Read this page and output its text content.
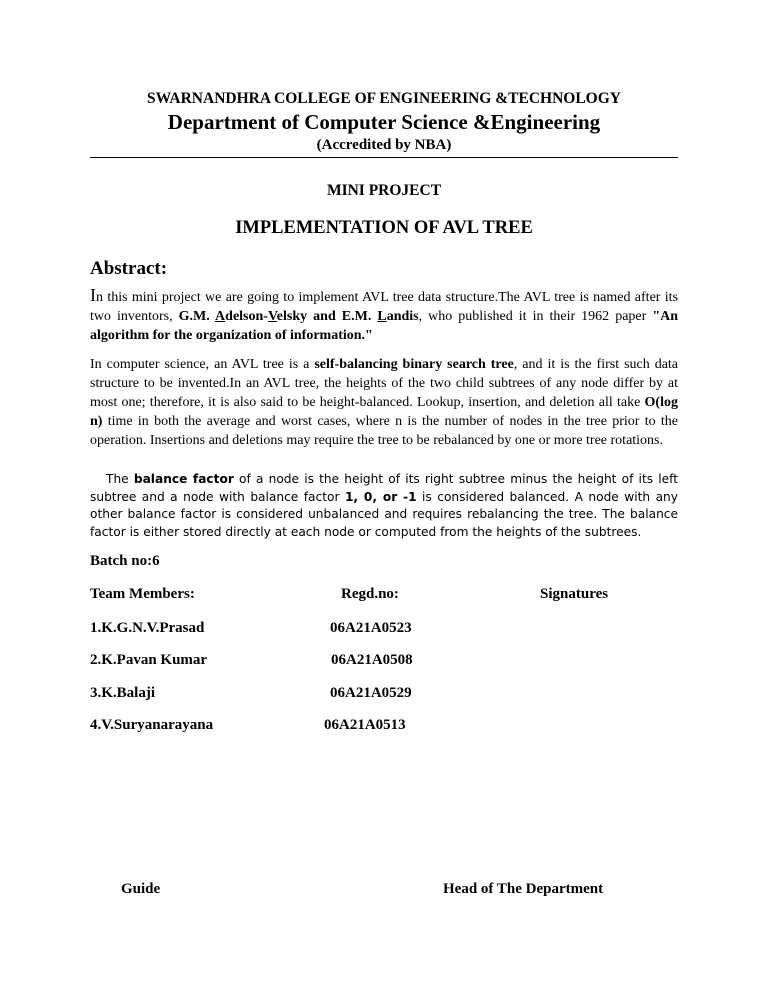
SWARNANDHRA COLLEGE OF ENGINEERING &TECHNOLOGY
Department of Computer Science &Engineering
(Accredited by NBA)
MINI PROJECT
IMPLEMENTATION OF AVL TREE
Abstract:

In this mini project we are going to implement AVL tree data structure.The AVL tree is named after its two inventors, G.M. Adelson-Velsky and E.M. Landis, who published it in their 1962 paper "An algorithm for the organization of information."

In computer science, an AVL tree is a self-balancing binary search tree, and it is the first such data structure to be invented.In an AVL tree, the heights of the two child subtrees of any node differ by at most one; therefore, it is also said to be height-balanced. Lookup, insertion, and deletion all take O(log n) time in both the average and worst cases, where n is the number of nodes in the tree prior to the operation. Insertions and deletions may require the tree to be rebalanced by one or more tree rotations.

The balance factor of a node is the height of its right subtree minus the height of its left subtree and a node with balance factor 1, 0, or -1 is considered balanced. A node with any other balance factor is considered unbalanced and requires rebalancing the tree. The balance factor is either stored directly at each node or computed from the heights of the subtrees.

Batch no:6
Team Members:	Regd.no:	Signatures
1.K.G.N.V.Prasad	06A21A0523
2.K.Pavan Kumar	06A21A0508
3.K.Balaji	06A21A0529
4.V.Suryanarayana	06A21A0513
Guide	Head of The Department
